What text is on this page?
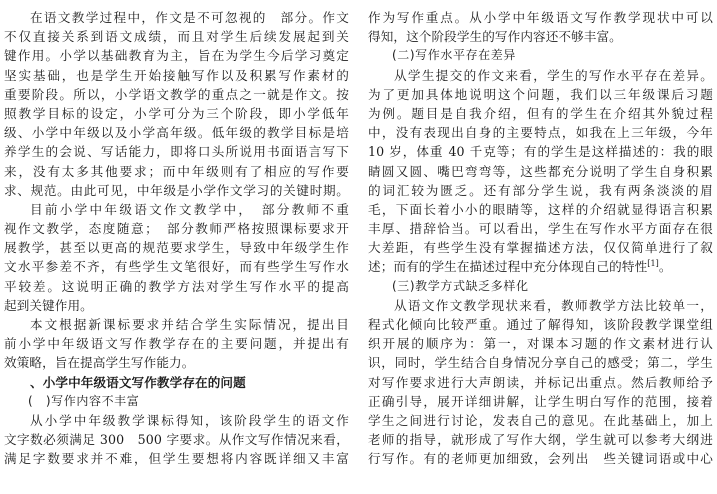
在语文教学过程中，作文是不可忽视的　部分。作文
不仅直接关系到语文成绩，而且对学生后续发展起到关
键作用。小学以基础教育为主，旨在为学生今后学习奠定
坚实基础，也是学生开始接触写作以及积累写作素材的
重要阶段。所以，小学语文教学的重点之一就是作文。按
照教学目标的设定，小学可分为三个阶段，即小学低年
级、小学中年级以及小学高年级。低年级的教学目标是培
养学生的会说、写话能力，即将口头所说用书面语言写下
来，没有太多其他要求；而中年级则有了相应的写作要
求、规范。由此可见，中年级是小学作文学习的关键时期。
目前小学中年级语文作文教学中，　部分教师不重
视作文教学，态度随意；　部分教师严格按照课标要求开
展教学，甚至以更高的规范要求学生，导致中年级学生作
文水平参差不齐，有些学生文笔很好，而有些学生写作水
平较差。这说明正确的教学方法对学生写作水平的提高
起到关键作用。
本文根据新课标要求并结合学生实际情况，提出目
前小学中年级语文写作教学存在的主要问题，并提出有
效策略，旨在提高学生写作能力。
、小学中年级语文写作教学存在的问题
(　)写作内容不丰富
从小学中年级教学课标得知，该阶段学生的语文作
文字数必须满足 300　500 字要求。从作文写作情况来看，
满足字数要求并不难，但学生要想将内容既详细又丰富
作为写作重点。从小学中年级语文写作教学现状中可以
得知，这个阶段学生的写作内容还不够丰富。
(二)写作水平存在差异
从学生提交的作文来看，学生的写作水平存在差异。
为了更加具体地说明这个问题，我们以三年级课后习题
为例。题目是自我介绍，但有的学生在介绍其外貌过程
中，没有表现出自身的主要特点，如我在上三年级，今年
10 岁，体重 40 千克等；有的学生是这样描述的：我的眼
睛圆又圆、嘴巴弯弯等，这些都充分说明了学生自身积累
的词汇较为匮乏。还有部分学生说，我有两条淡淡的眉
毛，下面长着小小的眼睛等，这样的介绍就显得语言积累
丰厚、措辞恰当。可以看出，学生在写作水平方面存在很
大差距，有些学生没有掌握描述方法，仅仅简单进行了叙
述；而有的学生在描述过程中充分体现自己的特性[1]。
(三)教学方式缺乏多样化
从语文作文教学现状来看，教师教学方法比较单一，
程式化倾向比较严重。通过了解得知，该阶段教学课堂组
织开展的顺序为：第一，对课本习题的作文素材进行认
识，同时，学生结合自身情况分享自己的感受；第二，学生
对写作要求进行大声朗读，并标记出重点。然后教师给予
正确引导，展开详细讲解，让学生明白写作的范围，接着
学生之间进行讨论，发表自己的意见。在此基础上，加上
老师的指导，就形成了写作大纲，学生就可以参考大纲进
行写作。有的老师更加细致，会列出　些关键词语或中心
